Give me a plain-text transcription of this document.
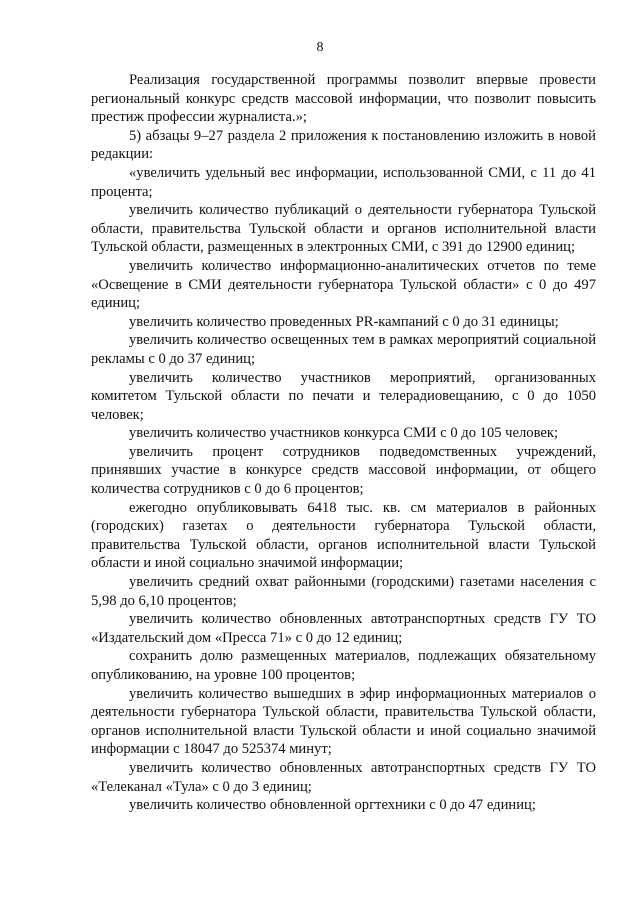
8

Реализация государственной программы позволит впервые провести региональный конкурс средств массовой информации, что позволит повысить престиж профессии журналиста.»;

5) абзацы 9–27 раздела 2 приложения к постановлению изложить в новой редакции:

«увеличить удельный вес информации, использованной СМИ, с 11 до 41 процента;

увеличить количество публикаций о деятельности губернатора Тульской области, правительства Тульской области и органов исполнительной власти Тульской области, размещенных в электронных СМИ, с 391 до 12900 единиц;

увеличить количество информационно-аналитических отчетов по теме «Освещение в СМИ деятельности губернатора Тульской области» с 0 до 497 единиц;

увеличить количество проведенных PR-кампаний с 0 до 31 единицы;

увеличить количество освещенных тем в рамках мероприятий социальной рекламы с 0 до 37 единиц;

увеличить количество участников мероприятий, организованных комитетом Тульской области по печати и телерадиовещанию, с 0 до 1050 человек;

увеличить количество участников конкурса СМИ с 0 до 105 человек;

увеличить процент сотрудников подведомственных учреждений, принявших участие в конкурсе средств массовой информации, от общего количества сотрудников с 0 до 6 процентов;

ежегодно опубликовывать 6418 тыс. кв. см материалов в районных (городских) газетах о деятельности губернатора Тульской области, правительства Тульской области, органов исполнительной власти Тульской области и иной социально значимой информации;

увеличить средний охват районными (городскими) газетами населения с 5,98 до 6,10 процентов;

увеличить количество обновленных автотранспортных средств ГУ ТО «Издательский дом «Пресса 71» с 0 до 12 единиц;

сохранить долю размещенных материалов, подлежащих обязательному опубликованию, на уровне 100 процентов;

увеличить количество вышедших в эфир информационных материалов о деятельности губернатора Тульской области, правительства Тульской области, органов исполнительной власти Тульской области и иной социально значимой информации с 18047 до 525374 минут;

увеличить количество обновленных автотранспортных средств ГУ ТО «Телеканал «Тула» с 0 до 3 единиц;

увеличить количество обновленной оргтехники с 0 до 47 единиц;
